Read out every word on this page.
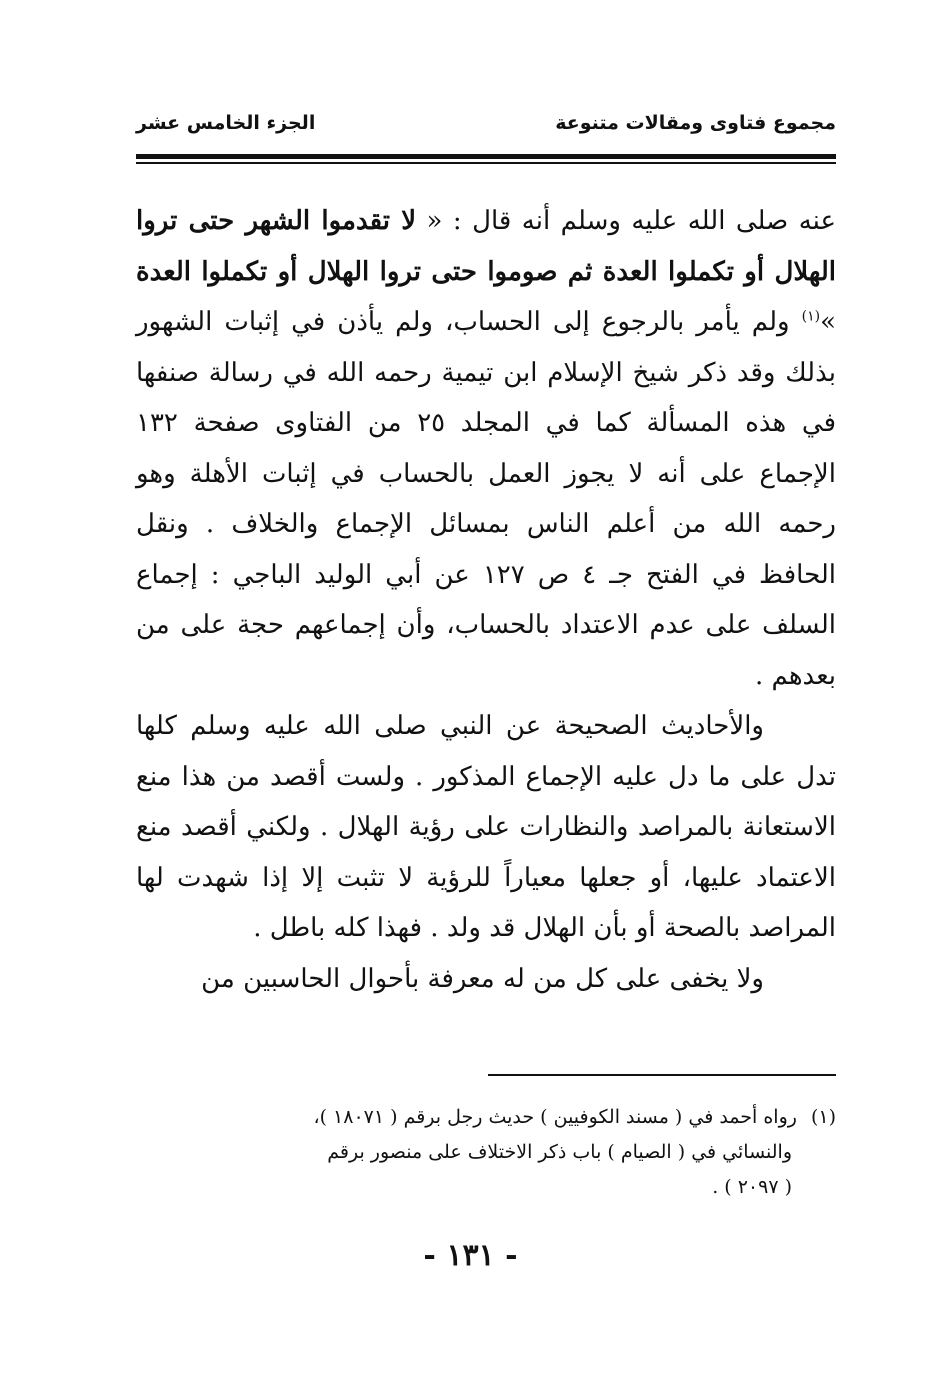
مجموع فتاوى ومقالات متنوعة
الجزء الخامس عشر

عنه صلى الله عليه وسلم أنه قال : « لا تقدموا الشهر حتى تروا الهلال أو تكملوا العدة ثم صوموا حتى تروا الهلال أو تكملوا العدة »$^{(١)}$ ولم يأمر بالرجوع إلى الحساب، ولم يأذن في إثبات الشهور بذلك وقد ذكر شيخ الإسلام ابن تيمية رحمه الله في رسالة صنفها في هذه المسألة كما في المجلد ٢٥ من الفتاوى صفحة ١٣٢ الإجماع على أنه لا يجوز العمل بالحساب في إثبات الأهلة وهو رحمه الله من أعلم الناس بمسائل الإجماع والخلاف . ونقل الحافظ في الفتح جـ ٤ ص ١٢٧ عن أبي الوليد الباجي : إجماع السلف على عدم الاعتداد بالحساب، وأن إجماعهم حجة على من بعدهم .

والأحاديث الصحيحة عن النبي صلى الله عليه وسلم كلها تدل على ما دل عليه الإجماع المذكور . ولست أقصد من هذا منع الاستعانة بالمراصد والنظارات على رؤية الهلال . ولكني أقصد منع الاعتماد عليها، أو جعلها معياراً للرؤية لا تثبت إلا إذا شهدت لها المراصد بالصحة أو بأن الهلال قد ولد . فهذا كله باطل .

ولا يخفى على كل من له معرفة بأحوال الحاسبين من

(١)رواه أحمد في ( مسند الكوفيين ) حديث رجل برقم ( ١٨٠٧١ )،
والنسائي في ( الصيام ) باب ذكر الاختلاف على منصور برقم
( ٢٠٩٧ ) .
- ١٣١ -
